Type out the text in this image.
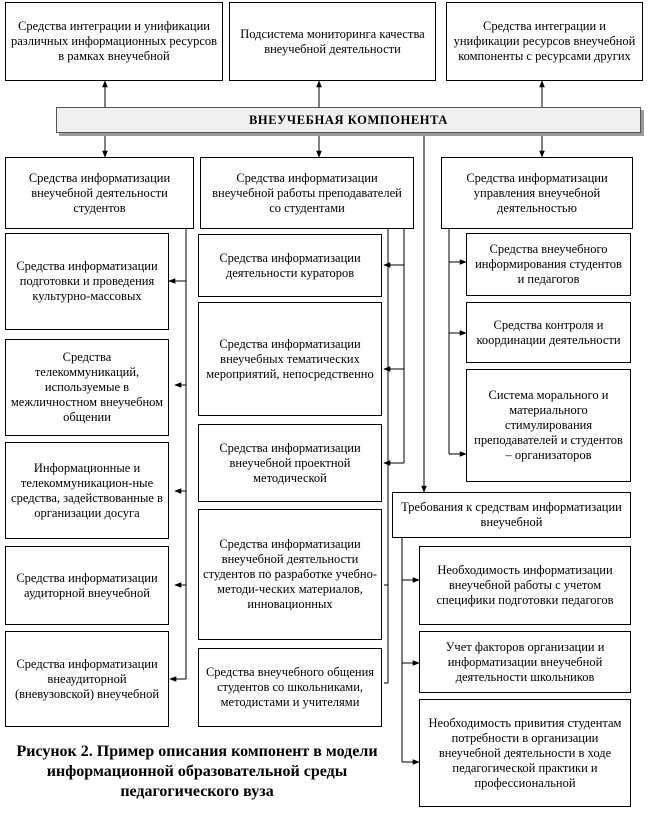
Средства интеграции и унификации различных информационных ресурсов в рамках внеучебной
Подсистема мониторинга качества внеучебной деятельности
Средства интеграции и унификации ресурсов внеучебной компоненты с ресурсами других
ВНЕУЧЕБНАЯ КОМПОНЕНТА
Средства информатизации внеучебной деятельности студентов
Средства информатизации внеучебной работы преподавателей со студентами
Средства информатизации управления внеучебной деятельностью
Средства информатизации подготовки и проведения культурно-массовых
Средства телекоммуникаций, используемые в межличностном внеучебном общении
Информационные и телекоммуникацион-ные средства, задействованные в организации досуга
Средства информатизации аудиторной внеучебной
Средства информатизации внеаудиторной (вневузовской) внеучебной
Средства информатизации деятельности кураторов
Средства информатизации внеучебных тематических мероприятий, непосредственно
Средства информатизации внеучебной проектной методической
Средства информатизации внеучебной деятельности студентов по разработке учебно-методи-ческих материалов, инновационных
Средства внеучебного общения студентов со школьниками, методистами и учителями
Средства внеучебного информирования студентов и педагогов
Средства контроля и координации деятельности
Система морального и материального стимулирования преподавателей и студентов – организаторов
Требования к средствам информатизации внеучебной
Необходимость информатизации внеучебной работы с учетом специфики подготовки педагогов
Учет факторов организации и информатизации внеучебной деятельности школьников
Необходимость привития студентам потребности в организации внеучебной деятельности в ходе педагогической практики и профессиональной
Рисунок 2. Пример описания компонент в модели информационной образовательной среды педагогического вуза
